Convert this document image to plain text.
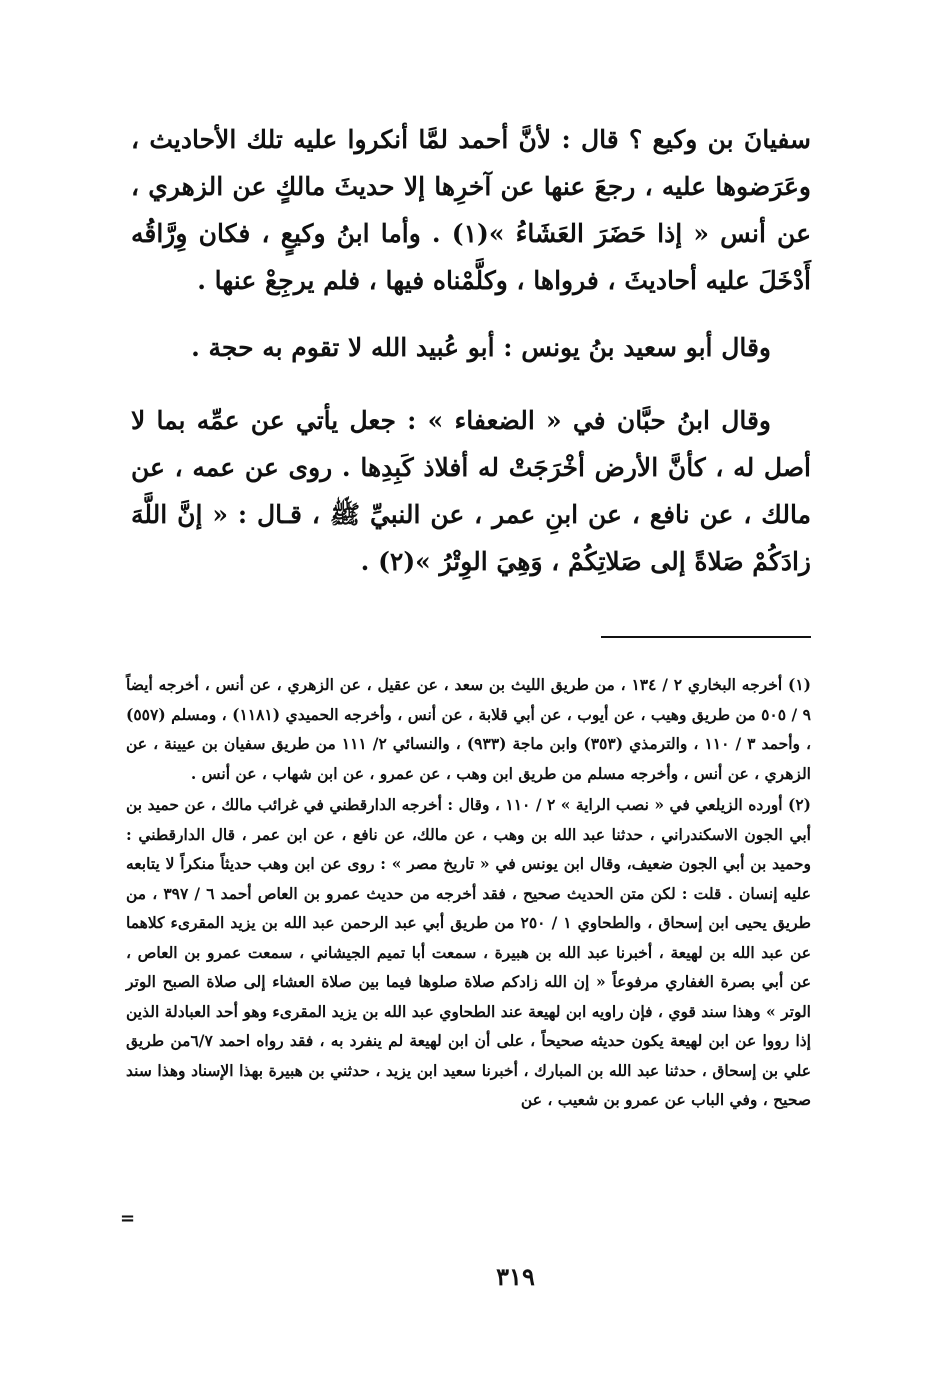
سفيانَ بن وكيع ؟ قال : لأنَّ أحمد لمَّا أنكروا عليه تلك الأحاديث ، وعَرَضوها عليه ، رجعَ عنها عن آخرِها إلا حديثَ مالكٍ عن الزهري ، عن أنس « إذا حَضَرَ العَشَاءُ »(١) . وأما ابنُ وكيعٍ ، فكان وِرَّاقُه أَدْخَلَ عليه أحاديثَ ، فرواها ، وكلَّمْناه فيها ، فلم يرجِعْ عنها .

وقال أبو سعيد بنُ يونس : أبو عُبيد الله لا تقوم به حجة .

وقال ابنُ حبَّان في « الضعفاء » : جعل يأتي عن عمِّه بما لا أصل له ، كأنَّ الأرض أخْرَجَتْ له أفلاذ كَبِدِها . روى عن عمه ، عن مالك ، عن نافع ، عن ابنِ عمر ، عن النبيِّ ﷺ ، قـال : « إنَّ اللَّهَ زادَكُمْ صَلاةً إلى صَلاتِكُمْ ، وَهِيَ الوِتْرُ »(٢) .

(١) أخرجه البخاري ٢ / ١٣٤ ، من طريق الليث بن سعد ، عن عقيل ، عن الزهري ، عن أنس ، أخرجه أيضاً ٩ / ٥٠٥ من طريق وهيب ، عن أيوب ، عن أبي قلابة ، عن أنس ، وأخرجه الحميدي (١١٨١) ، ومسلم (٥٥٧) ، وأحمد ٣ / ١١٠ ، والترمذي (٣٥٣) وابن ماجة (٩٣٣) ، والنسائي ٢/ ١١١ من طريق سفيان بن عيينة ، عن الزهري ، عن أنس ، وأخرجه مسلم من طريق ابن وهب ، عن عمرو ، عن ابن شهاب ، عن أنس .

(٢) أورده الزيلعي في « نصب الراية » ٢ / ١١٠ ، وقال : أخرجه الدارقطني في غرائب مالك ، عن حميد بن أبي الجون الاسكندراني ، حدثنا عبد الله بن وهب ، عن مالك، عن نافع ، عن ابن عمر ، قال الدارقطني : وحميد بن أبي الجون ضعيف، وقال ابن يونس في « تاريخ مصر » : روى عن ابن وهب حديثاً منكراً لا يتابعه عليه إنسان . قلت : لكن متن الحديث صحيح ، فقد أخرجه من حديث عمرو بن العاص أحمد ٦ / ٣٩٧ ، من طريق يحيى ابن إسحاق ، والطحاوي ١ / ٢٥٠ من طريق أبي عبد الرحمن عبد الله بن يزيد المقرىء كلاهما عن عبد الله بن لهيعة ، أخبرنا عبد الله بن هبيرة ، سمعت أبا تميم الجيشاني ، سمعت عمرو بن العاص ، عن أبي بصرة الغفاري مرفوعاً « إن الله زادكم صلاة صلوها فيما بين صلاة العشاء إلى صلاة الصبح الوتر الوتر » وهذا سند قوي ، فإن راويه ابن لهيعة عند الطحاوي عبد الله بن يزيد المقرىء وهو أحد العبادلة الذين إذا رووا عن ابن لهيعة يكون حديثه صحيحاً ، على أن ابن لهيعة لم ينفرد به ، فقد رواه احمد ٦/٧من طريق علي بن إسحاق ، حدثنا عبد الله بن المبارك ، أخبرنا سعيد ابن يزيد ، حدثني بن هبيرة بهذا الإسناد وهذا سند صحيح ، وفي الباب عن عمرو بن شعيب ، عن

=
٣١٩
